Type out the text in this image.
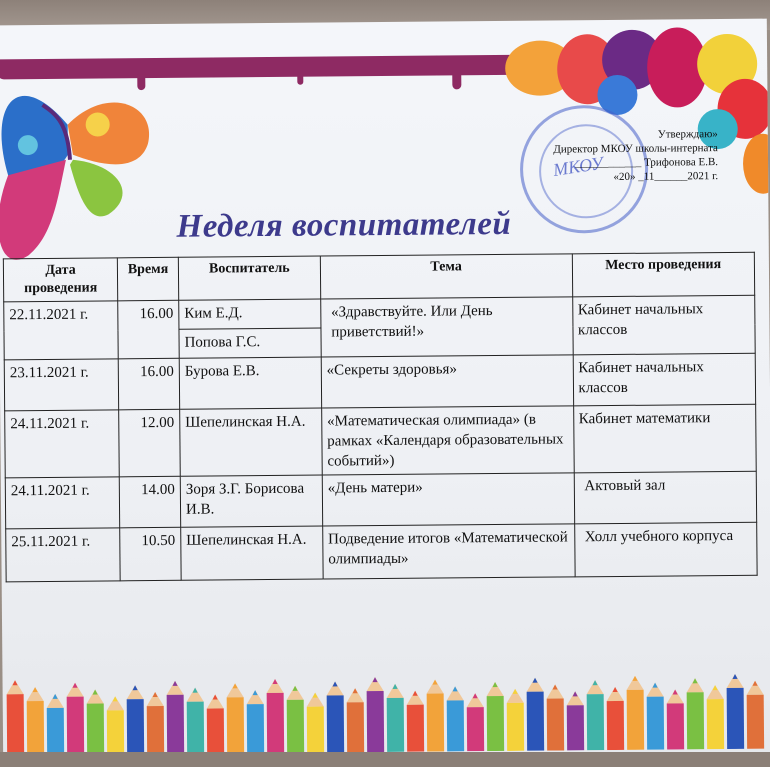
МКОУ
Утверждаю»
Директор МКОУ школы-интерната
____________ Трифонова Е.В.
«20» _11______2021 г.
Неделя воспитателей
Дата проведения	Время	Воспитатель	Тема	Место проведения
22.11.2021 г.	16.00	Ким Е.Д.	«Здравствуйте. Или День приветствий!»	Кабинет начальных классов
		Попова Г.С.		
23.11.2021 г.	16.00	Бурова Е.В.	«Секреты здоровья»	Кабинет начальных классов
24.11.2021 г.	12.00	Шепелинская Н.А.	«Математическая олимпиада» (в рамках «Календаря образовательных событий»)	Кабинет математики
24.11.2021 г.	14.00	Зоря З.Г. Борисова И.В.	«День матери»	Актовый зал
25.11.2021 г.	10.50	Шепелинская Н.А.	Подведение итогов «Математической олимпиады»	Холл учебного корпуса
